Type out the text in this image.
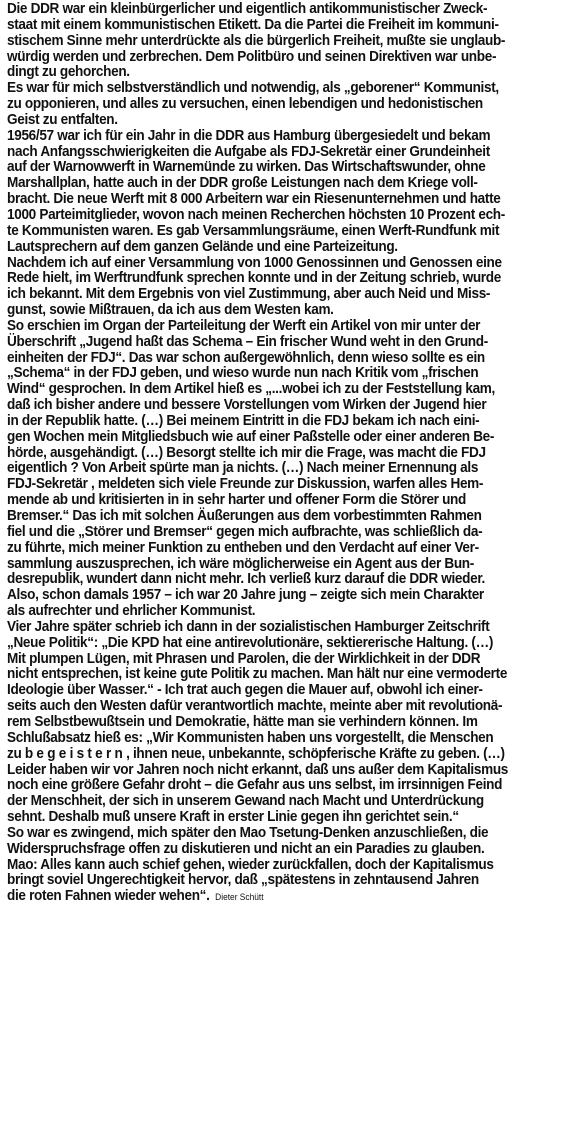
Die DDR war ein kleinbürgerlicher und eigentlich antikommunistischer Zweck-
staat mit einem kommunistischen Etikett. Da die Partei die Freiheit im kommuni-
stischem Sinne mehr unterdrückte als die bürgerlich Freiheit, mußte sie unglaub-
würdig werden und zerbrechen. Dem Politbüro und seinen Direktiven war unbe-
dingt zu gehorchen.
Es war für mich selbstverständlich und notwendig, als „geborener“ Kommunist,
zu opponieren, und alles zu versuchen, einen lebendigen und hedonistischen
Geist zu entfalten.
1956/57 war ich für ein Jahr in die DDR aus Hamburg übergesiedelt und bekam
nach Anfangsschwierigkeiten die Aufgabe als FDJ-Sekretär einer Grundeinheit
auf der Warnowwerft in Warnemünde zu wirken. Das Wirtschaftswunder, ohne
Marshallplan, hatte auch in der DDR große Leistungen nach dem Kriege voll-
bracht. Die neue Werft mit 8 000 Arbeitern war ein Riesenunternehmen und hatte
1000 Parteimitglieder, wovon nach meinen Recherchen höchsten 10 Prozent ech-
te Kommunisten waren. Es gab Versammlungsräume, einen Werft-Rundfunk mit
Lautsprechern auf dem ganzen Gelände und eine Parteizeitung.
Nachdem ich auf einer Versammlung von 1000 Genossinnen und Genossen eine
Rede hielt, im Werftrundfunk sprechen konnte und in der Zeitung schrieb, wurde
ich bekannt. Mit dem Ergebnis von viel Zustimmung, aber auch Neid und Miss-
gunst, sowie Mißtrauen, da ich aus dem Westen kam.
So erschien im Organ der Parteileitung der Werft ein Artikel von mir unter der
Überschrift „Jugend haßt das Schema – Ein frischer Wund weht in den Grund-
einheiten der FDJ“. Das war schon außergewöhnlich, denn wieso sollte es ein
„Schema“ in der FDJ geben, und wieso wurde nun nach Kritik vom „frischen
Wind“ gesprochen. In dem Artikel hieß es „...wobei ich zu der Feststellung kam,
daß ich bisher andere und bessere Vorstellungen vom Wirken der Jugend hier
in der Republik hatte. (…) Bei meinem Eintritt in die FDJ bekam ich nach eini-
gen Wochen mein Mitgliedsbuch wie auf einer Paßstelle oder einer anderen Be-
hörde, ausgehändigt. (…) Besorgt stellte ich mir die Frage, was macht die FDJ
eigentlich ? Von Arbeit spürte man ja nichts. (…) Nach meiner Ernennung als
FDJ-Sekretär , meldeten sich viele Freunde zur Diskussion, warfen alles Hem-
mende ab und kritisierten in in sehr harter und offener Form die Störer und
Bremser.“ Das ich mit solchen Äußerungen aus dem vorbestimmten Rahmen
fiel und die „Störer und Bremser“ gegen mich aufbrachte, was schließlich da-
zu führte, mich meiner Funktion zu entheben und den Verdacht auf einer Ver-
sammlung auszusprechen, ich wäre möglicherweise ein Agent aus der Bun-
desrepublik, wundert dann nicht mehr. Ich verließ kurz darauf die DDR wieder.
Also, schon damals 1957 – ich war 20 Jahre jung – zeigte sich mein Charakter
als aufrechter und ehrlicher Kommunist.
Vier Jahre später schrieb ich dann in der sozialistischen Hamburger Zeitschrift
„Neue Politik“: „Die KPD hat eine antirevolutionäre, sektiererische Haltung. (…)
Mit plumpen Lügen, mit Phrasen und Parolen, die der Wirklichkeit in der DDR
nicht entsprechen, ist keine gute Politik zu machen. Man hält nur eine vermoderte
Ideologie über Wasser.“ - Ich trat auch gegen die Mauer auf, obwohl ich einer-
seits auch den Westen dafür verantwortlich machte, meinte aber mit revolutionä-
rem Selbstbewußtsein und Demokratie, hätte man sie verhindern können. Im
Schlußabsatz hieß es: „Wir Kommunisten haben uns vorgestellt, die Menschen
zu begeistern, ihnen neue, unbekannte, schöpferische Kräfte zu geben. (…)
Leider haben wir vor Jahren noch nicht erkannt, daß uns außer dem Kapitalismus
noch eine größere Gefahr droht – die Gefahr aus uns selbst, im irrsinnigen Feind
der Menschheit, der sich in unserem Gewand nach Macht und Unterdrückung
sehnt. Deshalb muß unsere Kraft in erster Linie gegen ihn gerichtet sein.“
So war es zwingend, mich später den Mao Tsetung-Denken anzuschließen, die
Widerspruchsfrage offen zu diskutieren und nicht an ein Paradies zu glauben.
Mao: Alles kann auch schief gehen, wieder zurückfallen, doch der Kapitalismus
bringt soviel Ungerechtigkeit hervor, daß „spätestens in zehntausend Jahren
die roten Fahnen wieder wehen“. Dieter Schütt
